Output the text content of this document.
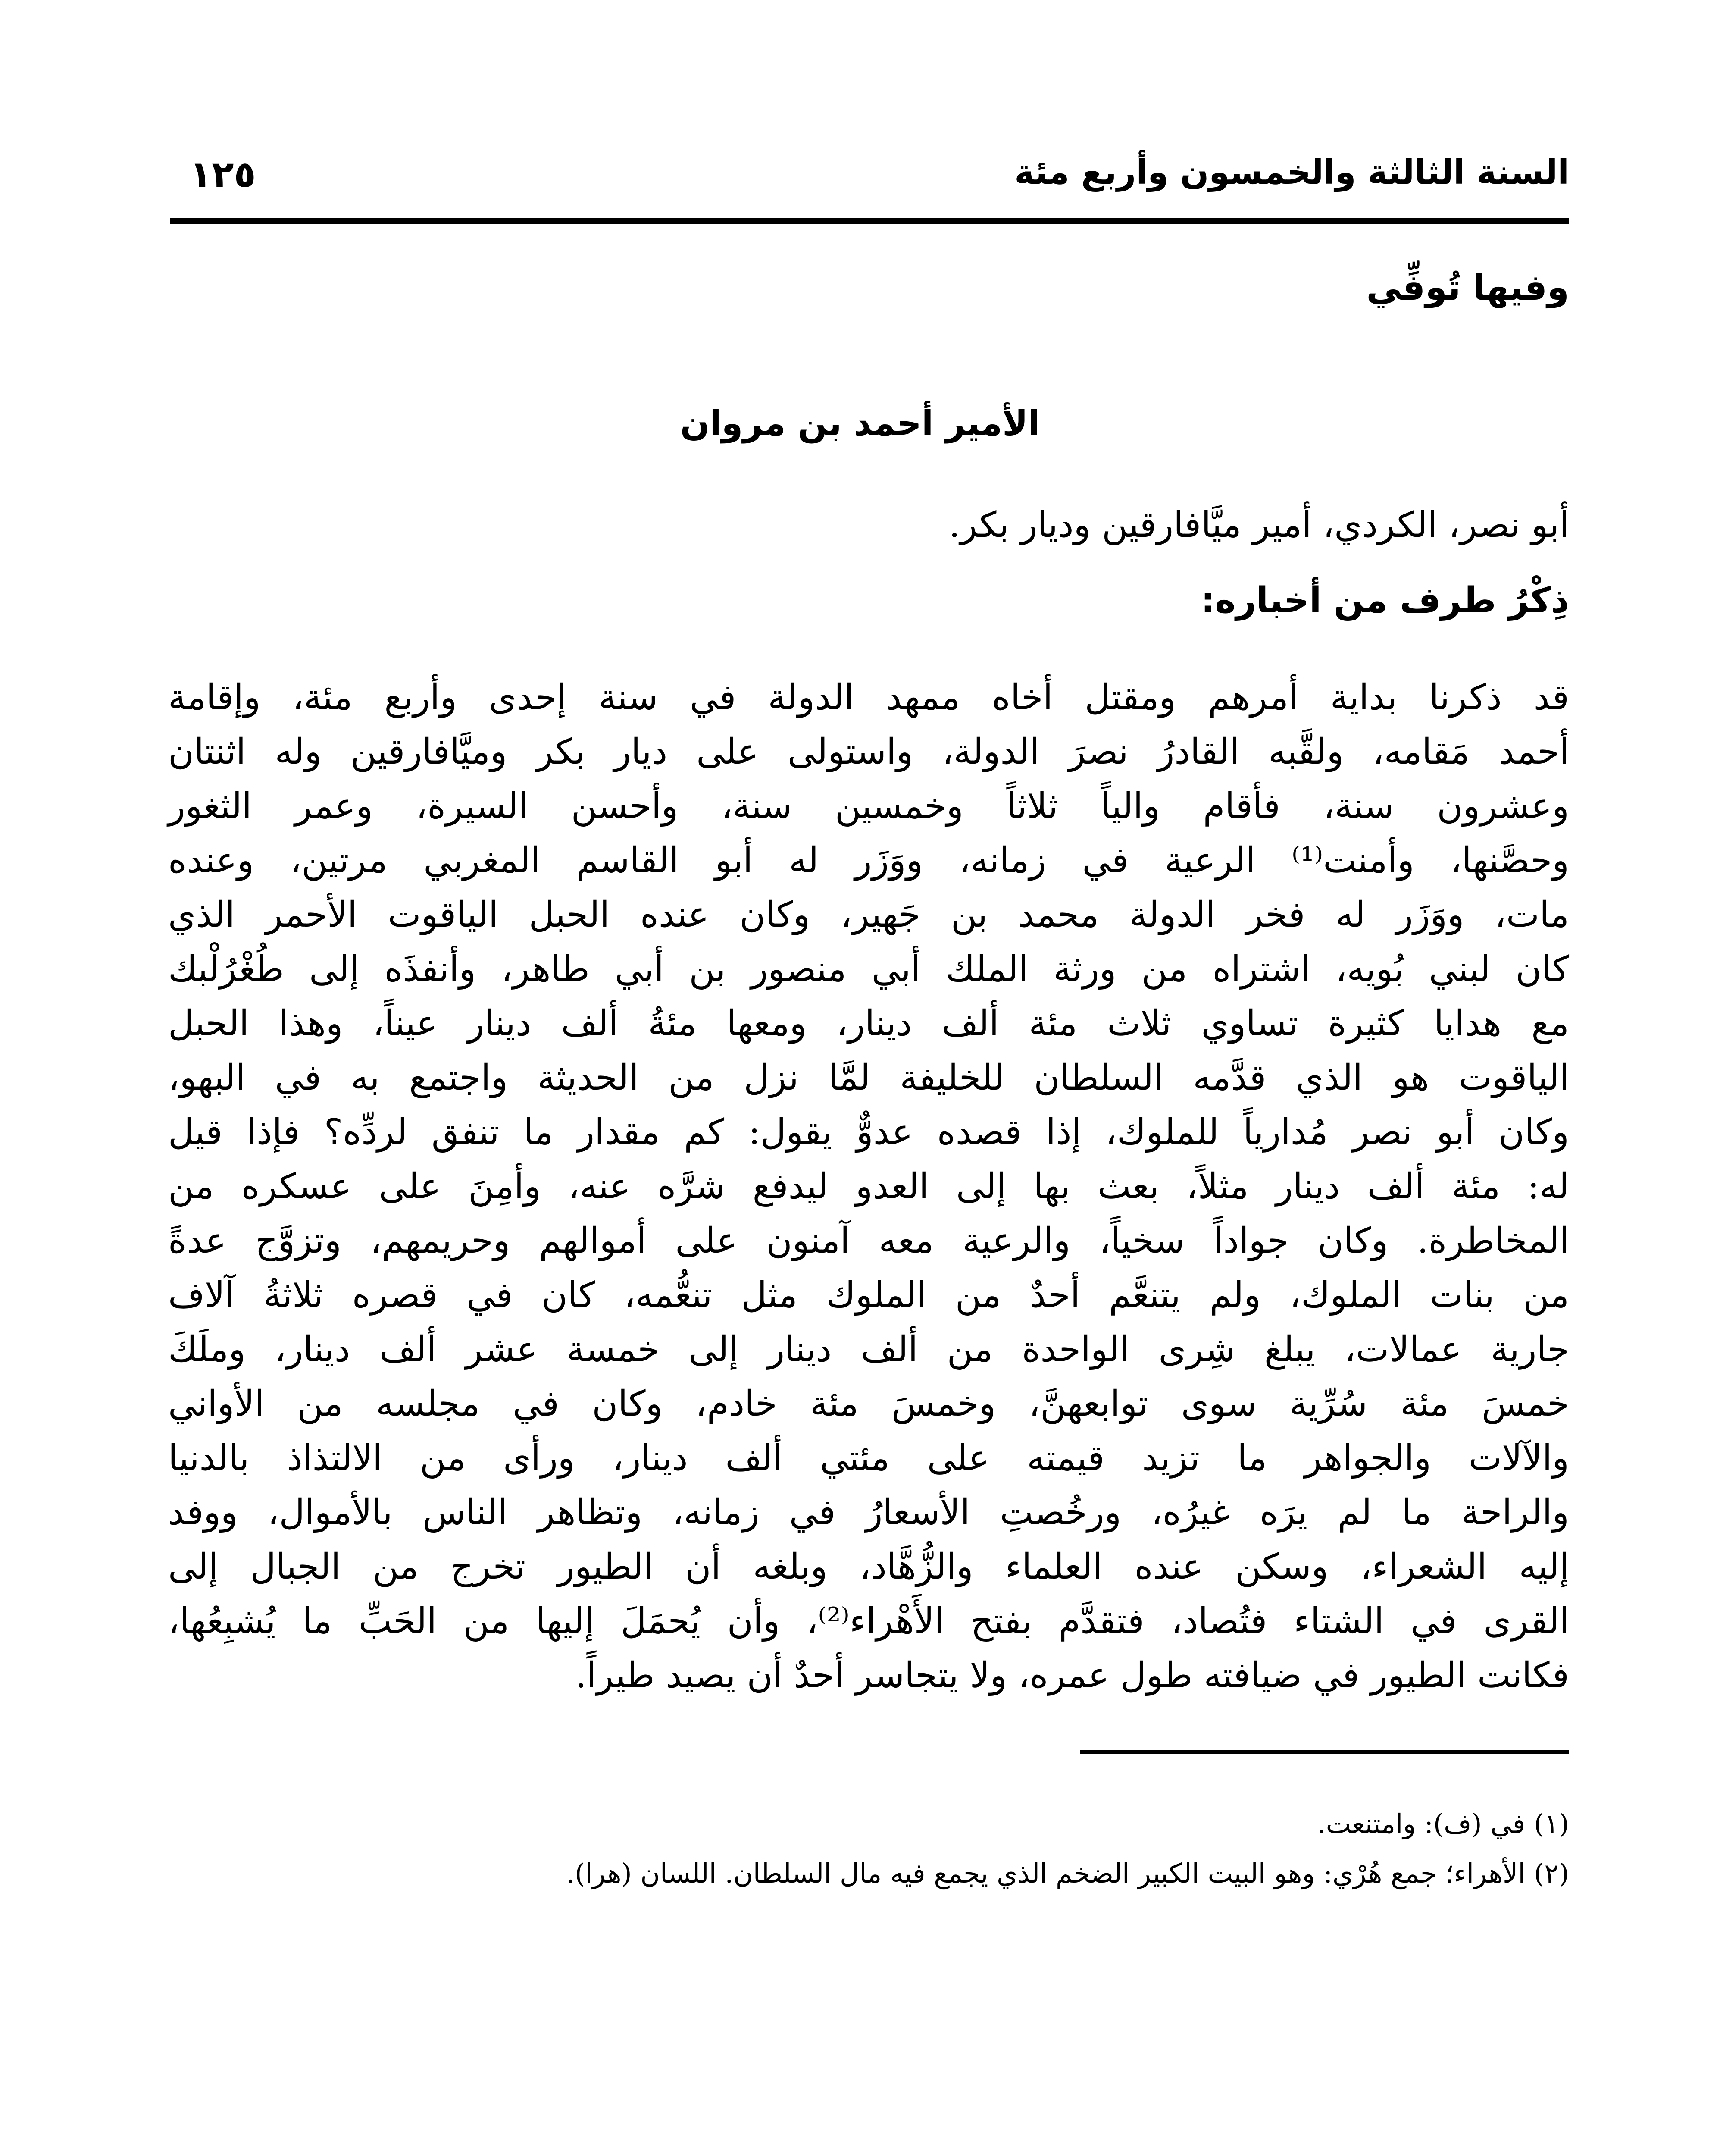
السنة الثالثة والخمسون وأربع مئة
١٢٥
وفيها تُوفِّي
الأمير أحمد بن مروان
أبو نصر، الكردي، أمير ميَّافارقين وديار بكر.
ذِكْرُ طرف من أخباره:
قد ذكرنا بداية أمرهم ومقتل أخاه ممهد الدولة في سنة إحدى وأربع مئة، وإقامة
أحمد مَقامه، ولقَّبه القادرُ نصرَ الدولة، واستولى على ديار بكر وميَّافارقين وله اثنتان
وعشرون سنة، فأقام والياً ثلاثاً وخمسين سنة، وأحسن السيرة، وعمر الثغور
وحصَّنها، وأمنت⁽¹⁾ الرعية في زمانه، ووَزَر له أبو القاسم المغربي مرتين، وعنده
مات، ووَزَر له فخر الدولة محمد بن جَهير، وكان عنده الحبل الياقوت الأحمر الذي
كان لبني بُويه، اشتراه من ورثة الملك أبي منصور بن أبي طاهر، وأنفذَه إلى طُغْرُلْبك
مع هدايا كثيرة تساوي ثلاث مئة ألف دينار، ومعها مئةُ ألف دينار عيناً، وهذا الحبل
الياقوت هو الذي قدَّمه السلطان للخليفة لمَّا نزل من الحديثة واجتمع به في البهو،
وكان أبو نصر مُدارياً للملوك، إذا قصده عدوٌّ يقول: كم مقدار ما تنفق لردِّه؟ فإذا قيل
له: مئة ألف دينار مثلاً، بعث بها إلى العدو ليدفع شرَّه عنه، وأمِنَ على عسكره من
المخاطرة. وكان جواداً سخياً، والرعية معه آمنون على أموالهم وحريمهم، وتزوَّج عدةً
من بنات الملوك، ولم يتنعَّم أحدٌ من الملوك مثل تنعُّمه، كان في قصره ثلاثةُ آلاف
جارية عمالات، يبلغ شِرى الواحدة من ألف دينار إلى خمسة عشر ألف دينار، وملَكَ
خمسَ مئة سُرِّية سوى توابعهنَّ، وخمسَ مئة خادم، وكان في مجلسه من الأواني
والآلات والجواهر ما تزيد قيمته على مئتي ألف دينار، ورأى من الالتذاذ بالدنيا
والراحة ما لم يرَه غيرُه، ورخُصتِ الأسعارُ في زمانه، وتظاهر الناس بالأموال، ووفد
إليه الشعراء، وسكن عنده العلماء والزُّهَّاد، وبلغه أن الطيور تخرج من الجبال إلى
القرى في الشتاء فتُصاد، فتقدَّم بفتح الأَهْراء⁽²⁾، وأن يُحمَلَ إليها من الحَبِّ ما يُشبِعُها،
فكانت الطيور في ضيافته طول عمره، ولا يتجاسر أحدٌ أن يصيد طيراً.
(١) في (ف): وامتنعت.
(٢) الأهراء؛ جمع هُرْي: وهو البيت الكبير الضخم الذي يجمع فيه مال السلطان. اللسان (هرا).
